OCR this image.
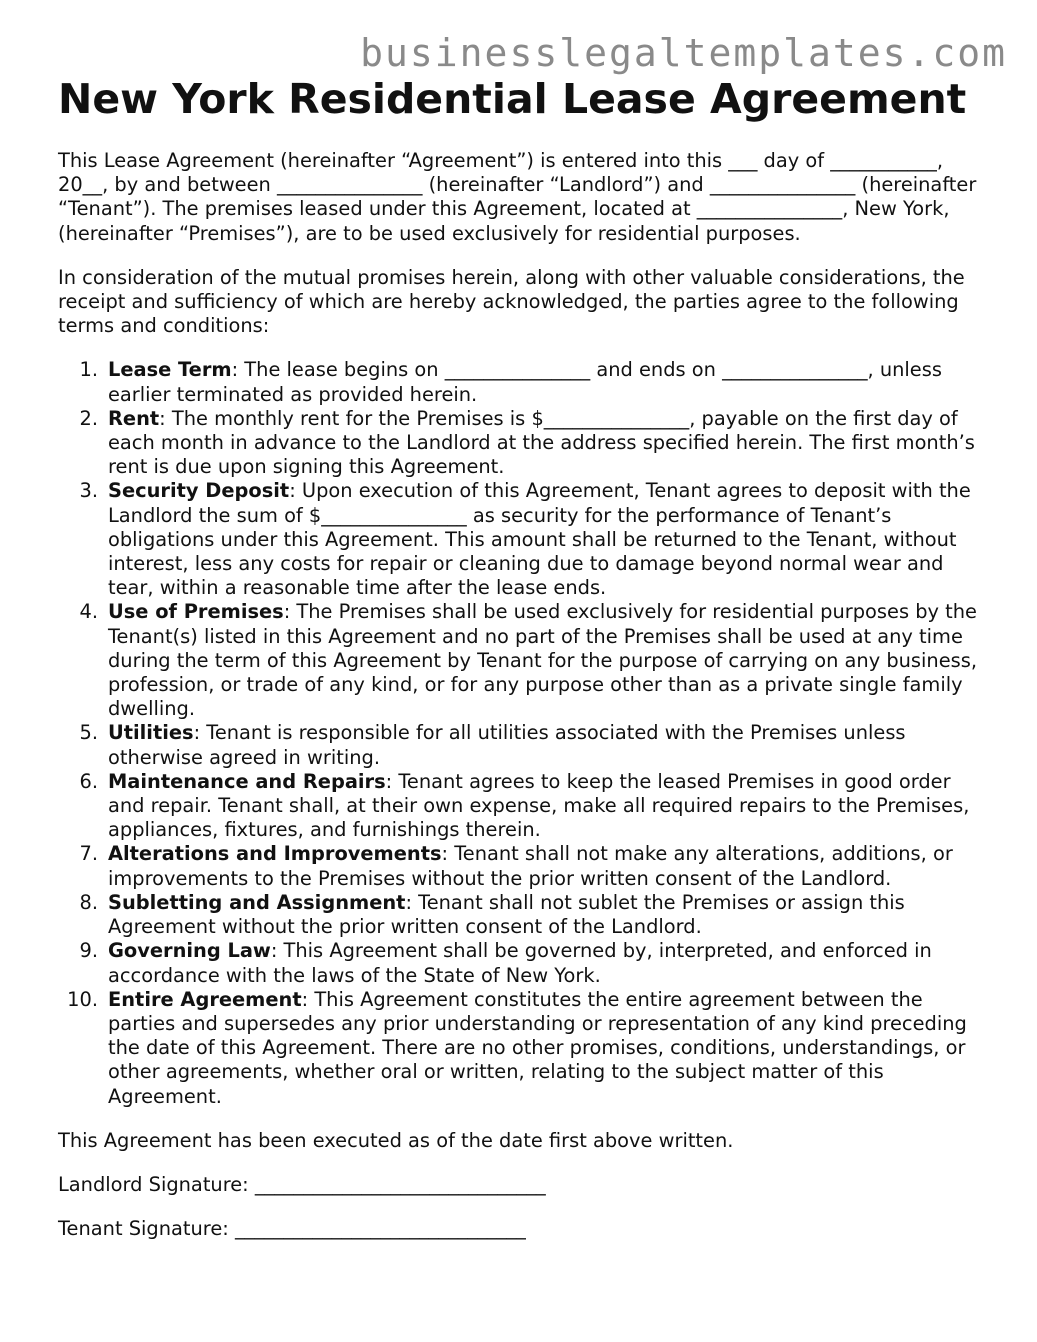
businesslegaltemplates.com
New York Residential Lease Agreement

This Lease Agreement (hereinafter “Agreement”) is entered into this ___ day of ___________, 20__, by and between _______________ (hereinafter “Landlord”) and _______________ (hereinafter “Tenant”). The premises leased under this Agreement, located at _______________, New York, (hereinafter “Premises”), are to be used exclusively for residential purposes.

In consideration of the mutual promises herein, along with other valuable considerations, the receipt and sufficiency of which are hereby acknowledged, the parties agree to the following terms and conditions:

1. Lease Term: The lease begins on _______________ and ends on _______________, unless earlier terminated as provided herein.
2. Rent: The monthly rent for the Premises is $_______________, payable on the first day of each month in advance to the Landlord at the address specified herein. The first month’s rent is due upon signing this Agreement.
3. Security Deposit: Upon execution of this Agreement, Tenant agrees to deposit with the Landlord the sum of $_______________ as security for the performance of Tenant’s obligations under this Agreement. This amount shall be returned to the Tenant, without interest, less any costs for repair or cleaning due to damage beyond normal wear and tear, within a reasonable time after the lease ends.
4. Use of Premises: The Premises shall be used exclusively for residential purposes by the Tenant(s) listed in this Agreement and no part of the Premises shall be used at any time during the term of this Agreement by Tenant for the purpose of carrying on any business, profession, or trade of any kind, or for any purpose other than as a private single family dwelling.
5. Utilities: Tenant is responsible for all utilities associated with the Premises unless otherwise agreed in writing.
6. Maintenance and Repairs: Tenant agrees to keep the leased Premises in good order and repair. Tenant shall, at their own expense, make all required repairs to the Premises, appliances, fixtures, and furnishings therein.
7. Alterations and Improvements: Tenant shall not make any alterations, additions, or improvements to the Premises without the prior written consent of the Landlord.
8. Subletting and Assignment: Tenant shall not sublet the Premises or assign this Agreement without the prior written consent of the Landlord.
9. Governing Law: This Agreement shall be governed by, interpreted, and enforced in accordance with the laws of the State of New York.
10. Entire Agreement: This Agreement constitutes the entire agreement between the parties and supersedes any prior understanding or representation of any kind preceding the date of this Agreement. There are no other promises, conditions, understandings, or other agreements, whether oral or written, relating to the subject matter of this Agreement.

This Agreement has been executed as of the date first above written.

Landlord Signature: ______________________________

Tenant Signature: ______________________________
